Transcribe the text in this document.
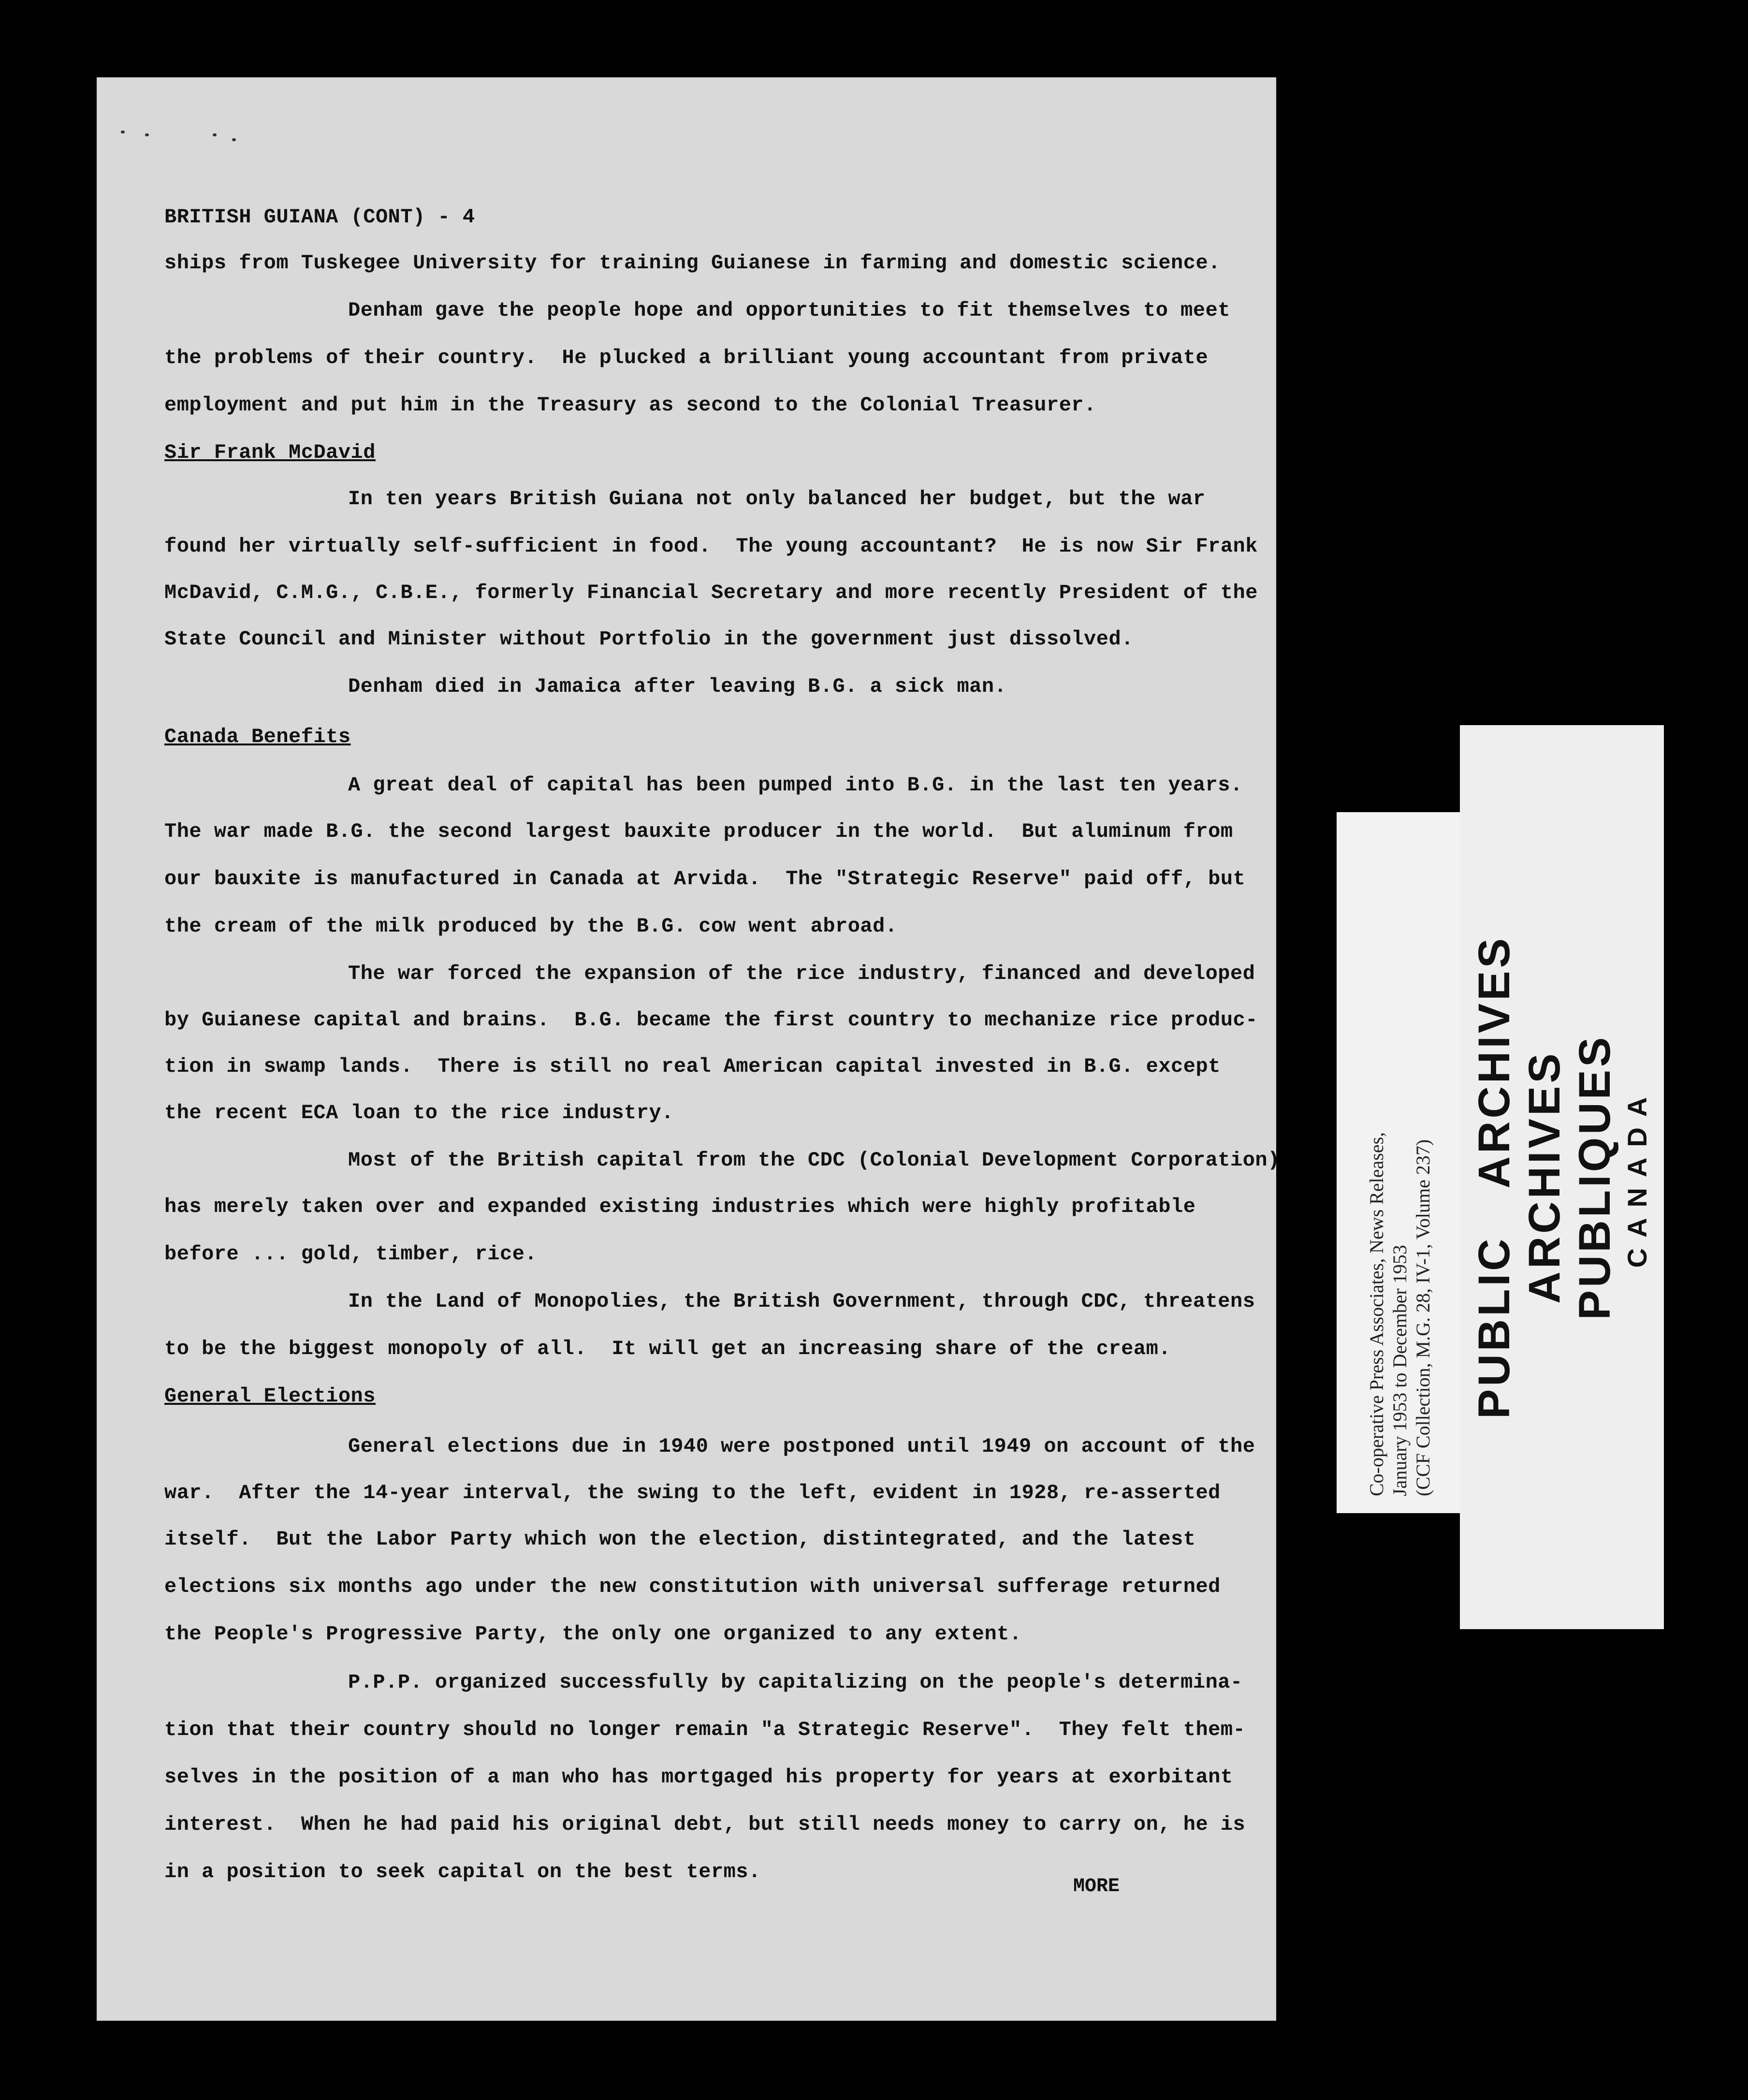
BRITISH GUIANA (CONT) - 4
ships from Tuskegee University for training Guianese in farming and domestic science.
Denham gave the people hope and opportunities to fit themselves to meet
the problems of their country.  He plucked a brilliant young accountant from private
employment and put him in the Treasury as second to the Colonial Treasurer.
Sir Frank McDavid
In ten years British Guiana not only balanced her budget, but the war
found her virtually self-sufficient in food.  The young accountant?  He is now Sir Frank
McDavid, C.M.G., C.B.E., formerly Financial Secretary and more recently President of the
State Council and Minister without Portfolio in the government just dissolved.
Denham died in Jamaica after leaving B.G. a sick man.
Canada Benefits
A great deal of capital has been pumped into B.G. in the last ten years.
The war made B.G. the second largest bauxite producer in the world.  But aluminum from
our bauxite is manufactured in Canada at Arvida.  The "Strategic Reserve" paid off, but
the cream of the milk produced by the B.G. cow went abroad.
The war forced the expansion of the rice industry, financed and developed
by Guianese capital and brains.  B.G. became the first country to mechanize rice produc-
tion in swamp lands.  There is still no real American capital invested in B.G. except
the recent ECA loan to the rice industry.
Most of the British capital from the CDC (Colonial Development Corporation)
has merely taken over and expanded existing industries which were highly profitable
before ... gold, timber, rice.
In the Land of Monopolies, the British Government, through CDC, threatens
to be the biggest monopoly of all.  It will get an increasing share of the cream.
General Elections
General elections due in 1940 were postponed until 1949 on account of the
war.  After the 14-year interval, the swing to the left, evident in 1928, re-asserted
itself.  But the Labor Party which won the election, distintegrated, and the latest
elections six months ago under the new constitution with universal sufferage returned
the People's Progressive Party, the only one organized to any extent.
P.P.P. organized successfully by capitalizing on the people's determina-
tion that their country should no longer remain "a Strategic Reserve".  They felt them-
selves in the position of a man who has mortgaged his property for years at exorbitant
interest.  When he had paid his original debt, but still needs money to carry on, he is
in a position to seek capital on the best terms.
MORE
Co-operative Press Associates, News Releases, January 1953 to December 1953 (CCF Collection, M.G. 28, IV-1, Volume 237) PUBLIC ARCHIVES ARCHIVES PUBLIQUES CANADA
